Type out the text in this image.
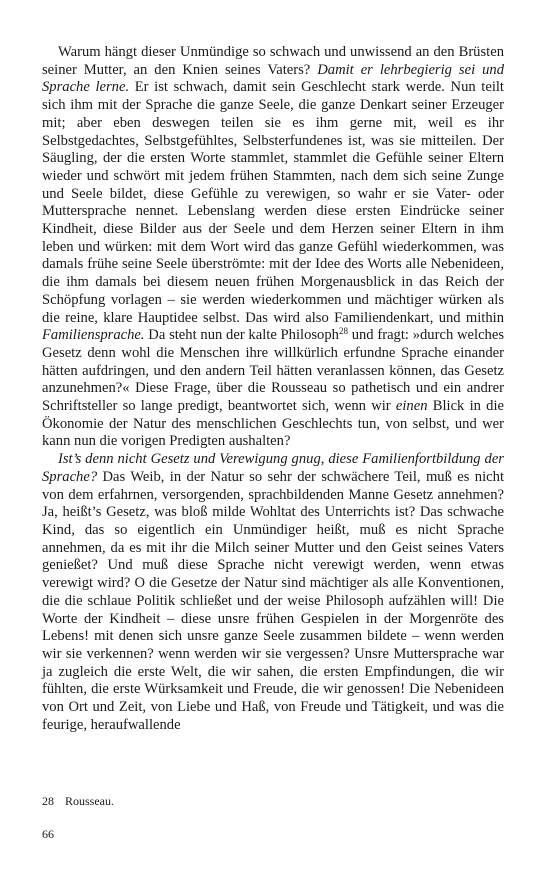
Warum hängt dieser Unmündige so schwach und unwissend an den Brüsten seiner Mutter, an den Knien seines Vaters? Damit er lehrbegierig sei und Sprache lerne. Er ist schwach, damit sein Geschlecht stark werde. Nun teilt sich ihm mit der Sprache die ganze Seele, die ganze Denkart seiner Erzeuger mit; aber eben deswegen teilen sie es ihm gerne mit, weil es ihr Selbstgedachtes, Selbstgefühltes, Selbsterfundenes ist, was sie mitteilen. Der Säugling, der die ersten Worte stammlet, stammlet die Gefühle seiner Eltern wieder und schwört mit jedem frühen Stammten, nach dem sich seine Zunge und Seele bildet, diese Gefühle zu verewigen, so wahr er sie Vater- oder Muttersprache nennet. Lebenslang werden diese ersten Eindrücke seiner Kindheit, diese Bilder aus der Seele und dem Herzen seiner Eltern in ihm leben und würken: mit dem Wort wird das ganze Gefühl wiederkommen, was damals frühe seine Seele überströmte: mit der Idee des Worts alle Nebenideen, die ihm damals bei diesem neuen frühen Morgenausblick in das Reich der Schöpfung vorlagen – sie werden wiederkommen und mächtiger würken als die reine, klare Hauptidee selbst. Das wird also Familiendenkart, und mithin Familiensprache. Da steht nun der kalte Philosoph$^{28}$ und fragt: »durch welches Gesetz denn wohl die Menschen ihre willkürlich erfundne Sprache einander hätten aufdringen, und den andern Teil hätten veranlassen können, das Gesetz anzunehmen?« Diese Frage, über die Rousseau so pathetisch und ein andrer Schriftsteller so lange predigt, beantwortet sich, wenn wir einen Blick in die Ökonomie der Natur des menschlichen Geschlechts tun, von selbst, und wer kann nun die vorigen Predigten aushalten?

Ist’s denn nicht Gesetz und Verewigung gnug, diese Familienfortbildung der Sprache? Das Weib, in der Natur so sehr der schwächere Teil, muß es nicht von dem erfahrnen, versorgenden, sprachbildenden Manne Gesetz annehmen? Ja, heißt’s Gesetz, was bloß milde Wohltat des Unterrichts ist? Das schwache Kind, das so eigentlich ein Unmündiger heißt, muß es nicht Sprache annehmen, da es mit ihr die Milch seiner Mutter und den Geist seines Vaters genießet? Und muß diese Sprache nicht verewigt werden, wenn etwas verewigt wird? O die Gesetze der Natur sind mächtiger als alle Konventionen, die die schlaue Politik schließet und der weise Philosoph aufzählen will! Die Worte der Kindheit – diese unsre frühen Gespielen in der Morgenröte des Lebens! mit denen sich unsre ganze Seele zusammen bildete – wenn werden wir sie verkennen? wenn werden wir sie vergessen? Unsre Muttersprache war ja zugleich die erste Welt, die wir sahen, die ersten Empfindungen, die wir fühlten, die erste Würksamkeit und Freude, die wir genossen! Die Nebenideen von Ort und Zeit, von Liebe und Haß, von Freude und Tätigkeit, und was die feurige, heraufwallende

28 Rousseau.
66
